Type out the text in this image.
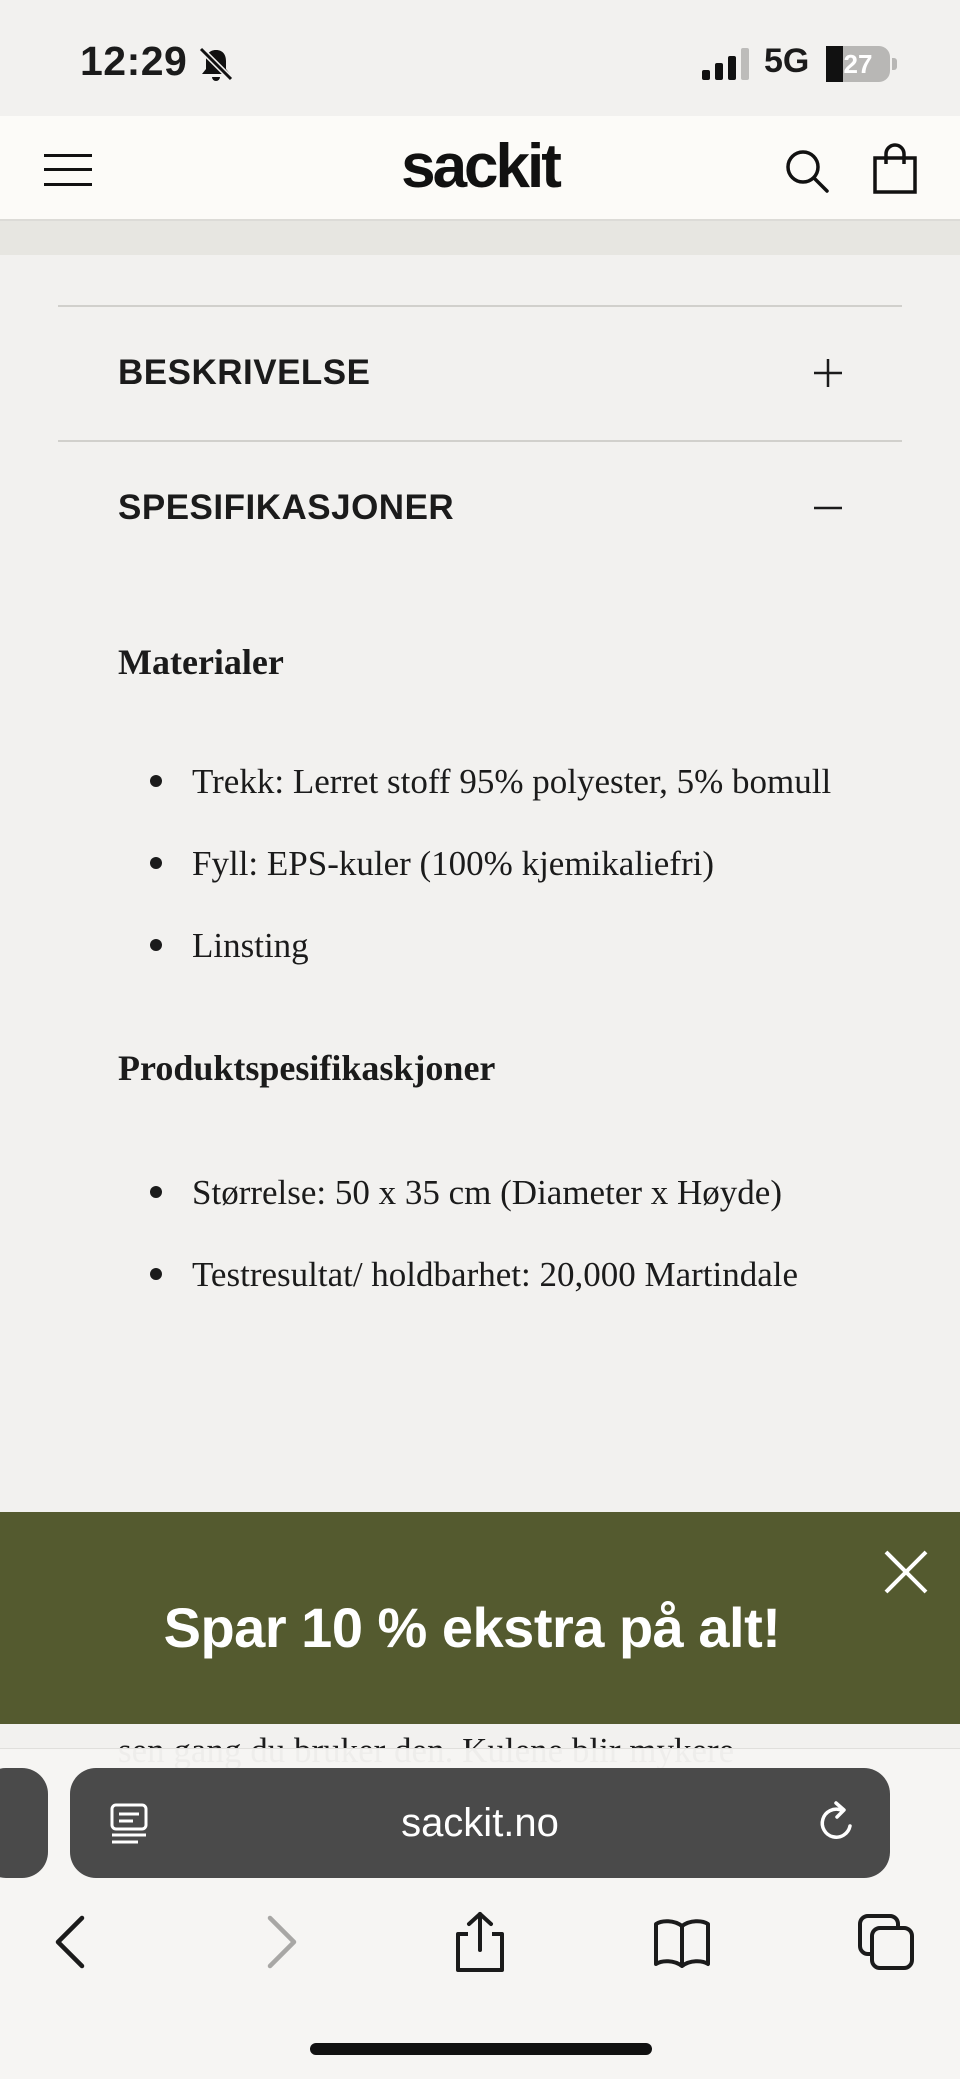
12:29	5G	27
sackit
BESKRIVELSE
SPESIFIKASJONER

Materialer

Trekk: Lerret stoff 95% polyester, 5% bomull
Fyll: EPS-kuler (100% kjemikaliefri)
Linsting

Produktspesifikaskjoner

Størrelse: 50 x 35 cm (Diameter x Høyde)
Testresultat/ holdbarhet: 20,000 Martindale
Spar 10 % ekstra på alt!
sackit.no
